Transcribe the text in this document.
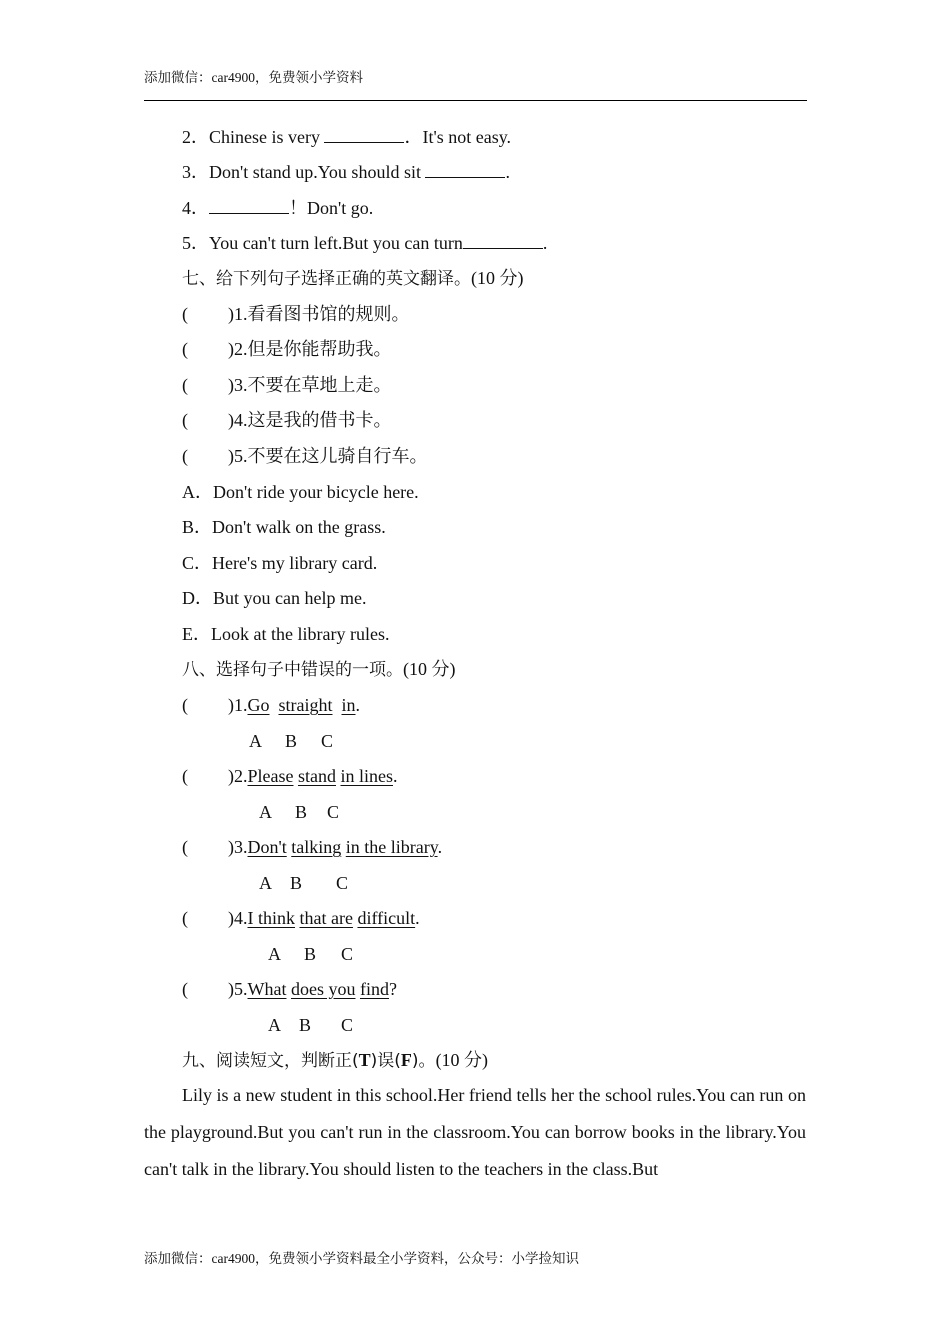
添加微信：car4900，免费领小学资料
2．Chinese is very	．It's not easy.
3．Don't stand up.You should sit	.
4．	！Don't go.
5．You can't turn left.But you can turn	.
七、给下列句子选择正确的英文翻译。(10 分)
( )1.看看图书馆的规则。
( )2.但是你能帮助我。
( )3.不要在草地上走。
( )4.这是我的借书卡。
( )5.不要在这儿骑自行车。
A．Don't ride your bicycle here.
B．Don't walk on the grass.
C．Here's my library card.
D．But you can help me.
E．Look at the library rules.
八、选择句子中错误的一项。(10 分)
( )1.Go straight in.
A B C
( )2.Please stand in lines.
A B C
( )3.Don't talking in the library.
A B C
( )4.I think that are difficult.
A B C
( )5.What does you find?
A B C
九、阅读短文，判断正(T)误(F)。(10 分)
Lily is a new student in this school.Her friend tells her the school rules.You can run on the playground.But you can't run in the classroom.You can borrow books in the library.You can't talk in the library.You should listen to the teachers in the class.But
添加微信：car4900，免费领小学资料最全小学资料，公众号：小学捡知识
